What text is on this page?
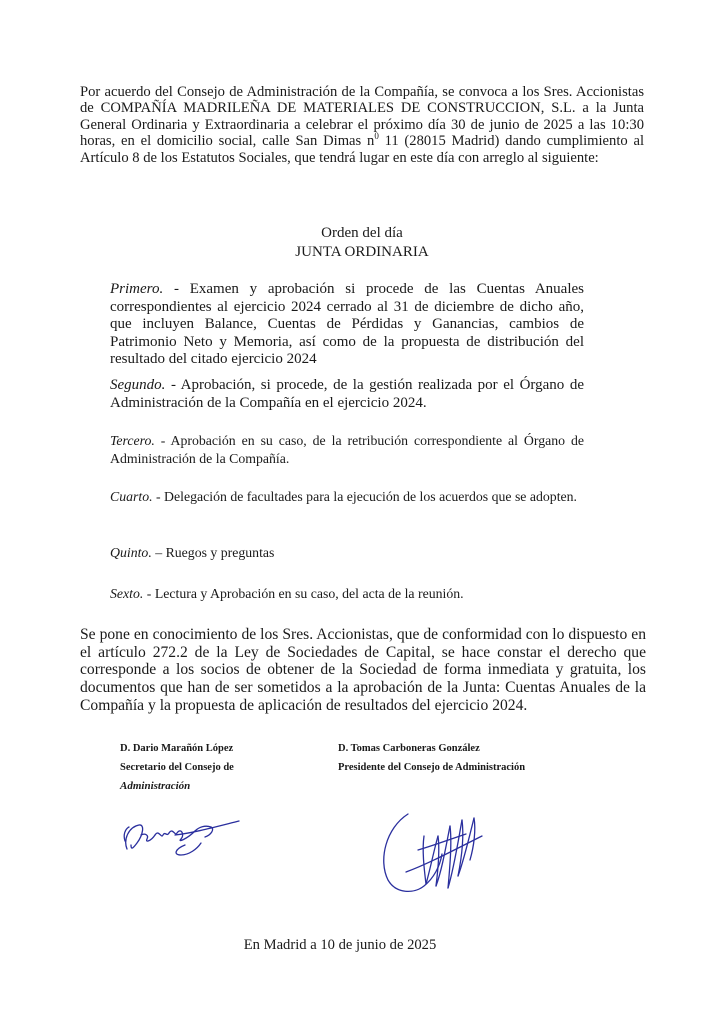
Por acuerdo del Consejo de Administración de la Compañía, se convoca a los Sres. Accionistas de COMPAÑÍA MADRILEÑA DE MATERIALES DE CONSTRUCCION, S.L. a la Junta General Ordinaria y Extraordinaria a celebrar el próximo día 30 de junio de 2025 a las 10:30 horas, en el domicilio social, calle San Dimas $n^0$ 11 (28015 Madrid) dando cumplimiento al Artículo 8 de los Estatutos Sociales, que tendrá lugar en este día con arreglo al siguiente:

Orden del día

JUNTA ORDINARIA

Primero. - Examen y aprobación si procede de las Cuentas Anuales correspondientes al ejercicio 2024 cerrado al 31 de diciembre de dicho año, que incluyen Balance, Cuentas de Pérdidas y Ganancias, cambios de Patrimonio Neto y Memoria, así como de la propuesta de distribución del resultado del citado ejercicio 2024

Segundo. - Aprobación, si procede, de la gestión realizada por el Órgano de Administración de la Compañía en el ejercicio 2024.

Tercero. - Aprobación en su caso, de la retribución correspondiente al Órgano de Administración de la Compañía.

Cuarto. - Delegación de facultades para la ejecución de los acuerdos que se adopten.

Quinto. – Ruegos y preguntas

Sexto. - Lectura y Aprobación en su caso, del acta de la reunión.

Se pone en conocimiento de los Sres. Accionistas, que de conformidad con lo dispuesto en el artículo 272.2 de la Ley de Sociedades de Capital, se hace constar el derecho que corresponde a los socios de obtener de la Sociedad de forma inmediata y gratuita, los documentos que han de ser sometidos a la aprobación de la Junta: Cuentas Anuales de la Compañía y la propuesta de aplicación de resultados del ejercicio 2024.

D. Dario Marañón López
Secretario del Consejo de
Administración
D. Tomas Carboneras González
Presidente del Consejo de Administración

En Madrid a 10 de junio de 2025
